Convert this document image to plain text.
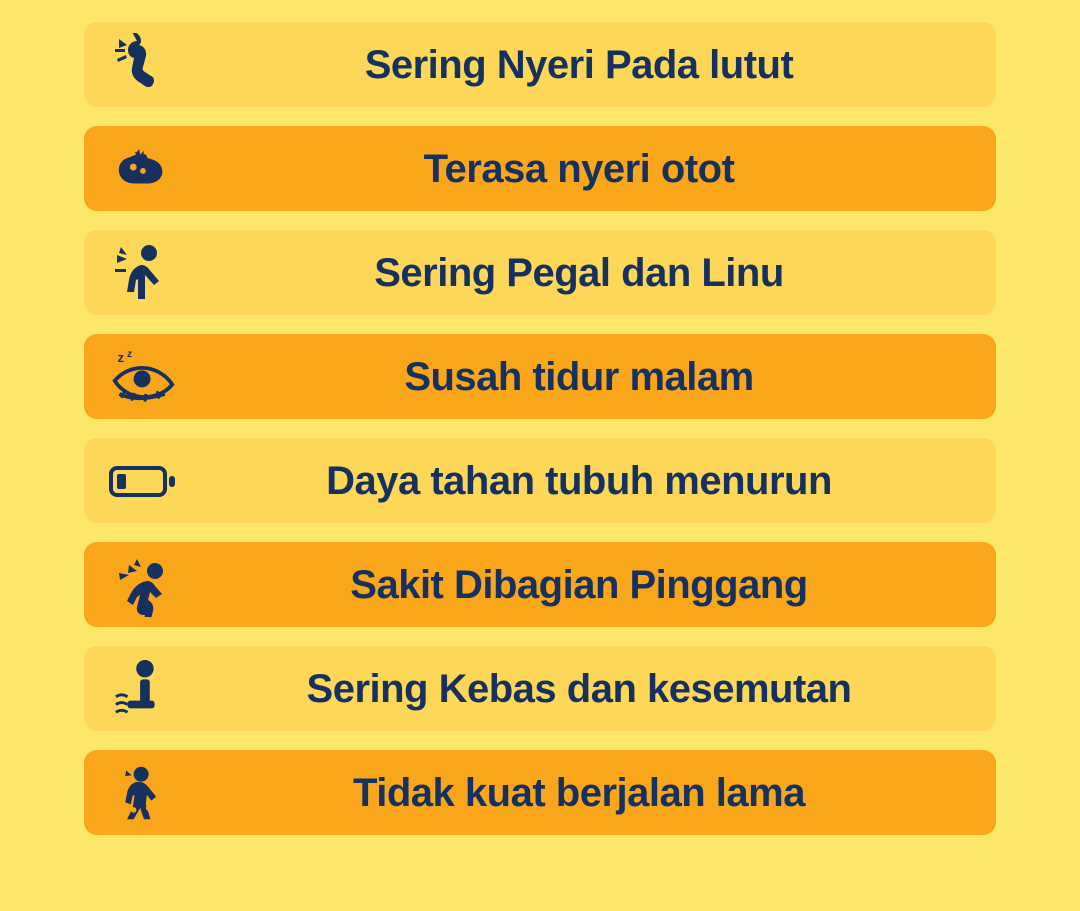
Sering Nyeri Pada lutut
Terasa nyeri otot
Sering Pegal dan Linu
z z
Susah tidur malam
Daya tahan tubuh menurun
Sakit Dibagian Pinggang
Sering Kebas dan kesemutan
Tidak kuat berjalan lama
